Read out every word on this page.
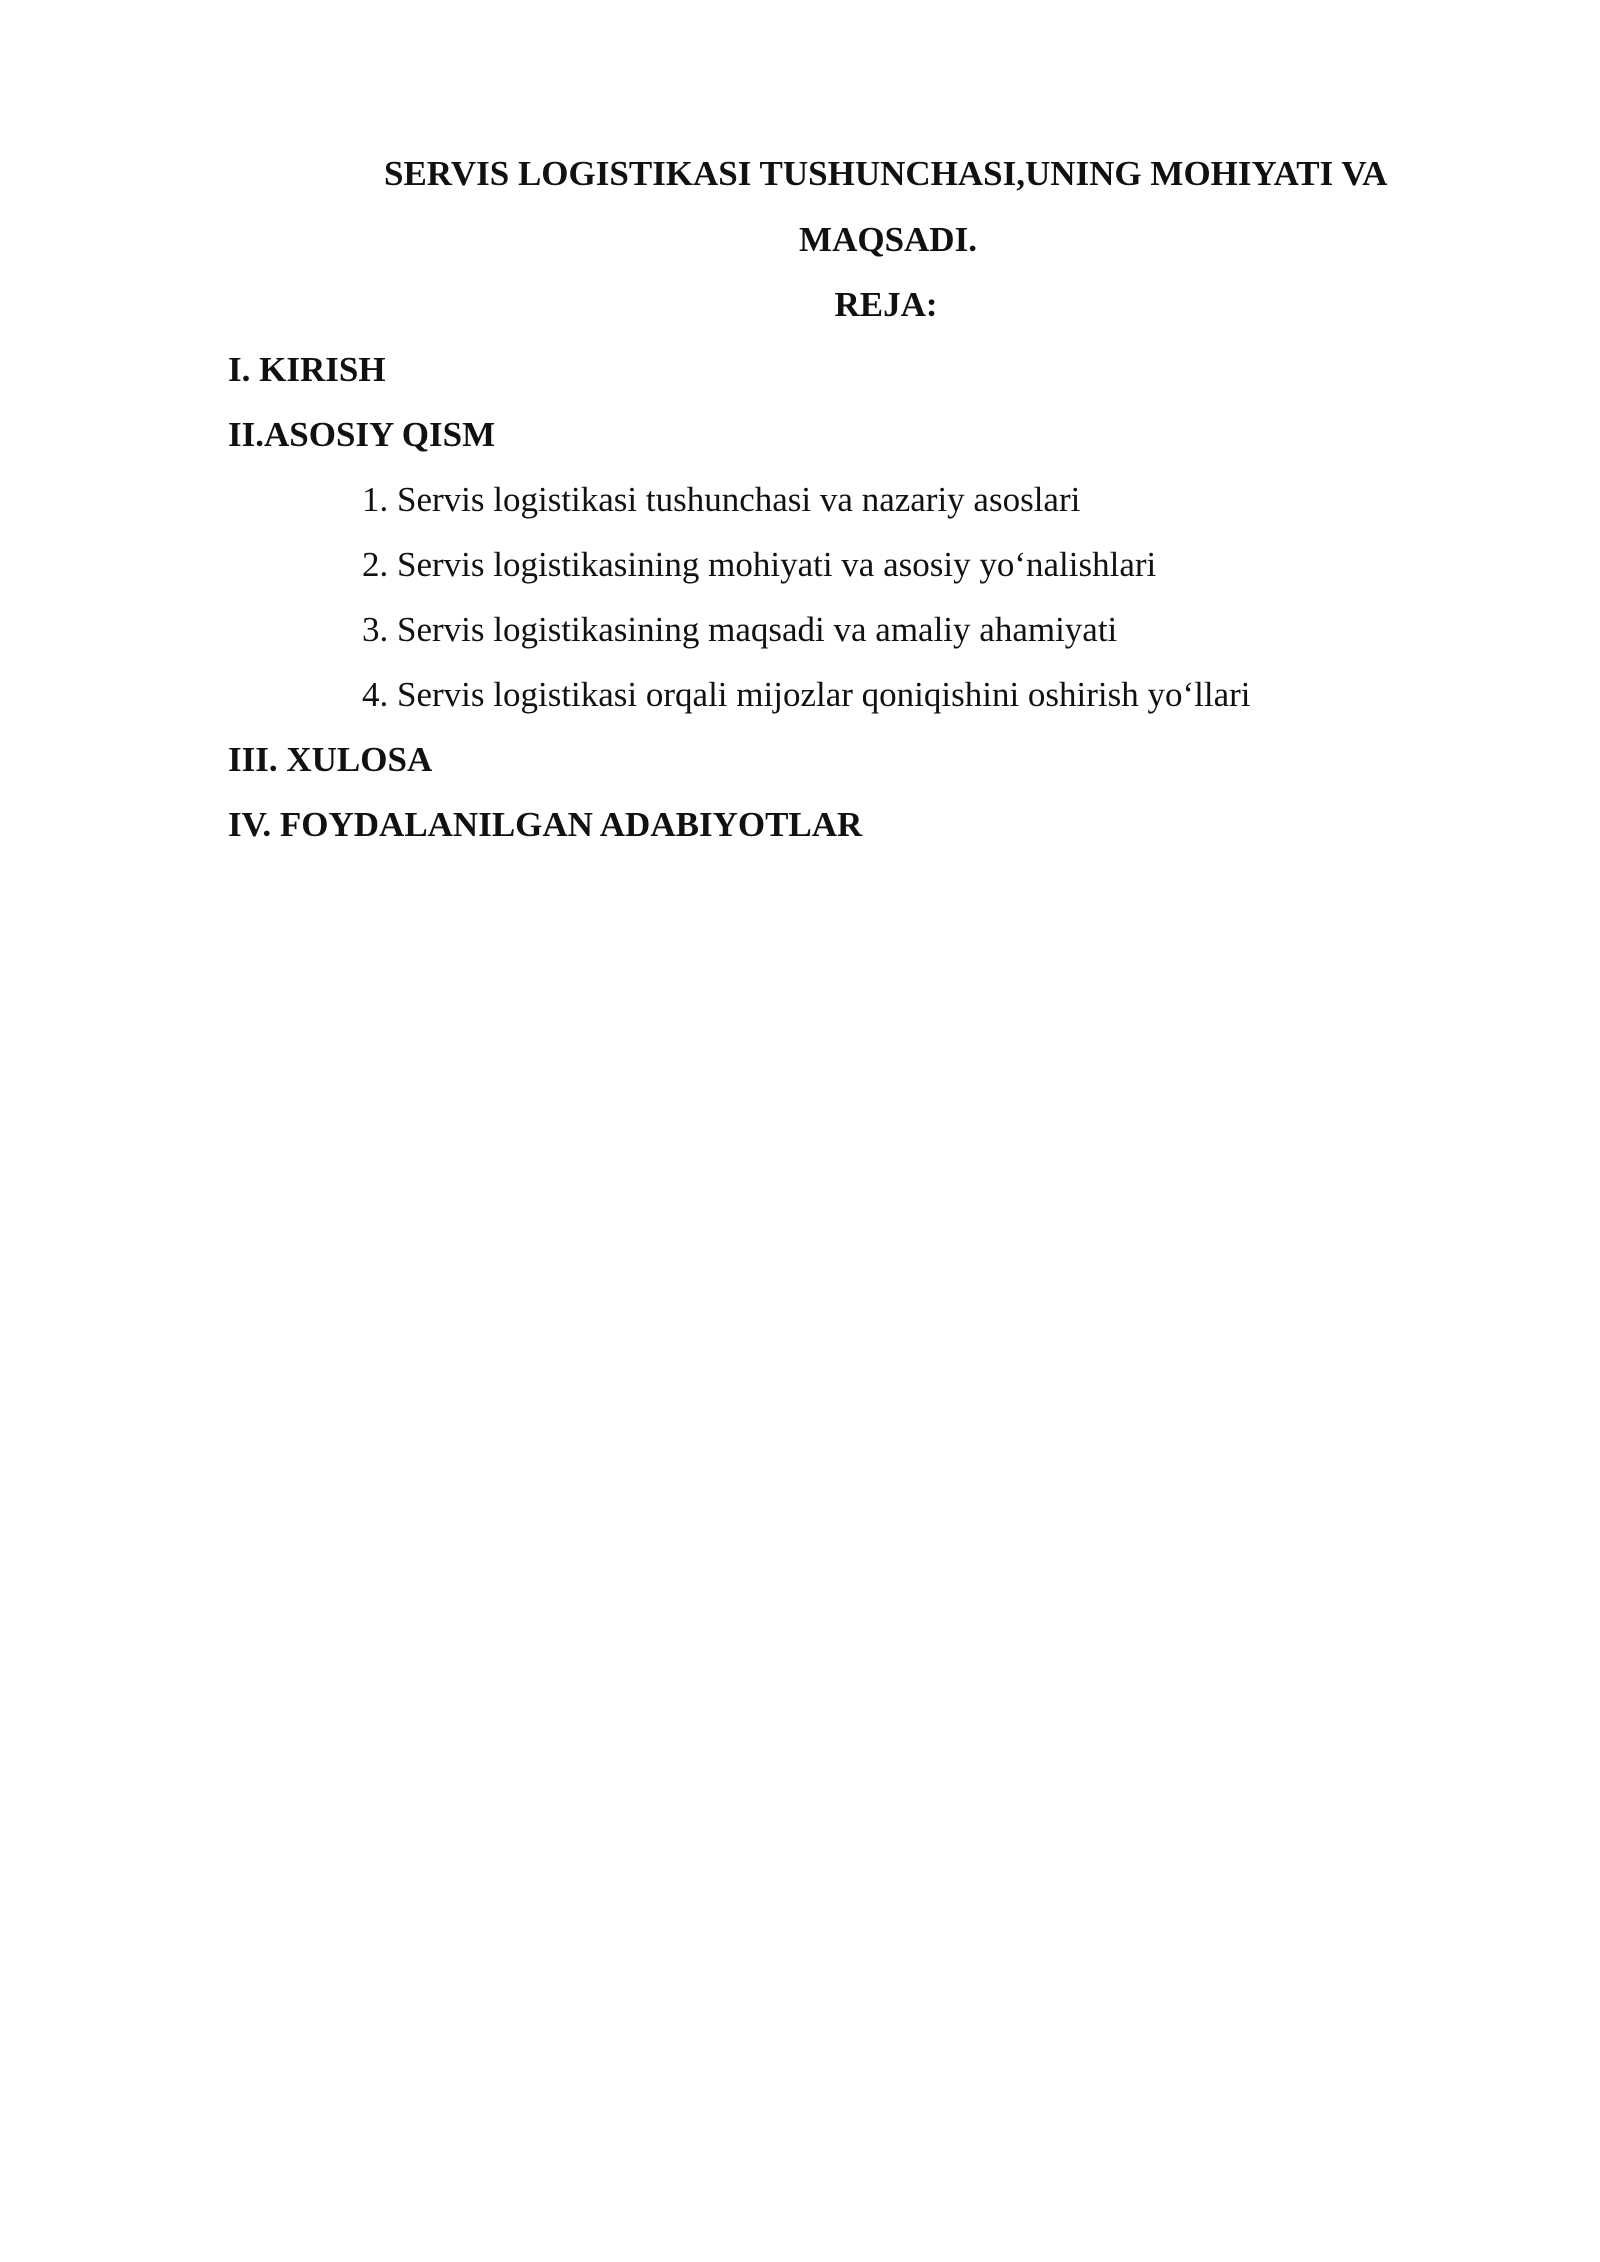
SERVIS LOGISTIKASI TUSHUNCHASI,UNING MOHIYATI VA
MAQSADI.
REJA:
I. KIRISH
II.ASOSIY QISM
1. Servis logistikasi tushunchasi va nazariy asoslari
2. Servis logistikasining mohiyati va asosiy yo‘nalishlari
3. Servis logistikasining maqsadi va amaliy ahamiyati
4. Servis logistikasi orqali mijozlar qoniqishini oshirish yo‘llari
III. XULOSA
IV. FOYDALANILGAN ADABIYOTLAR
